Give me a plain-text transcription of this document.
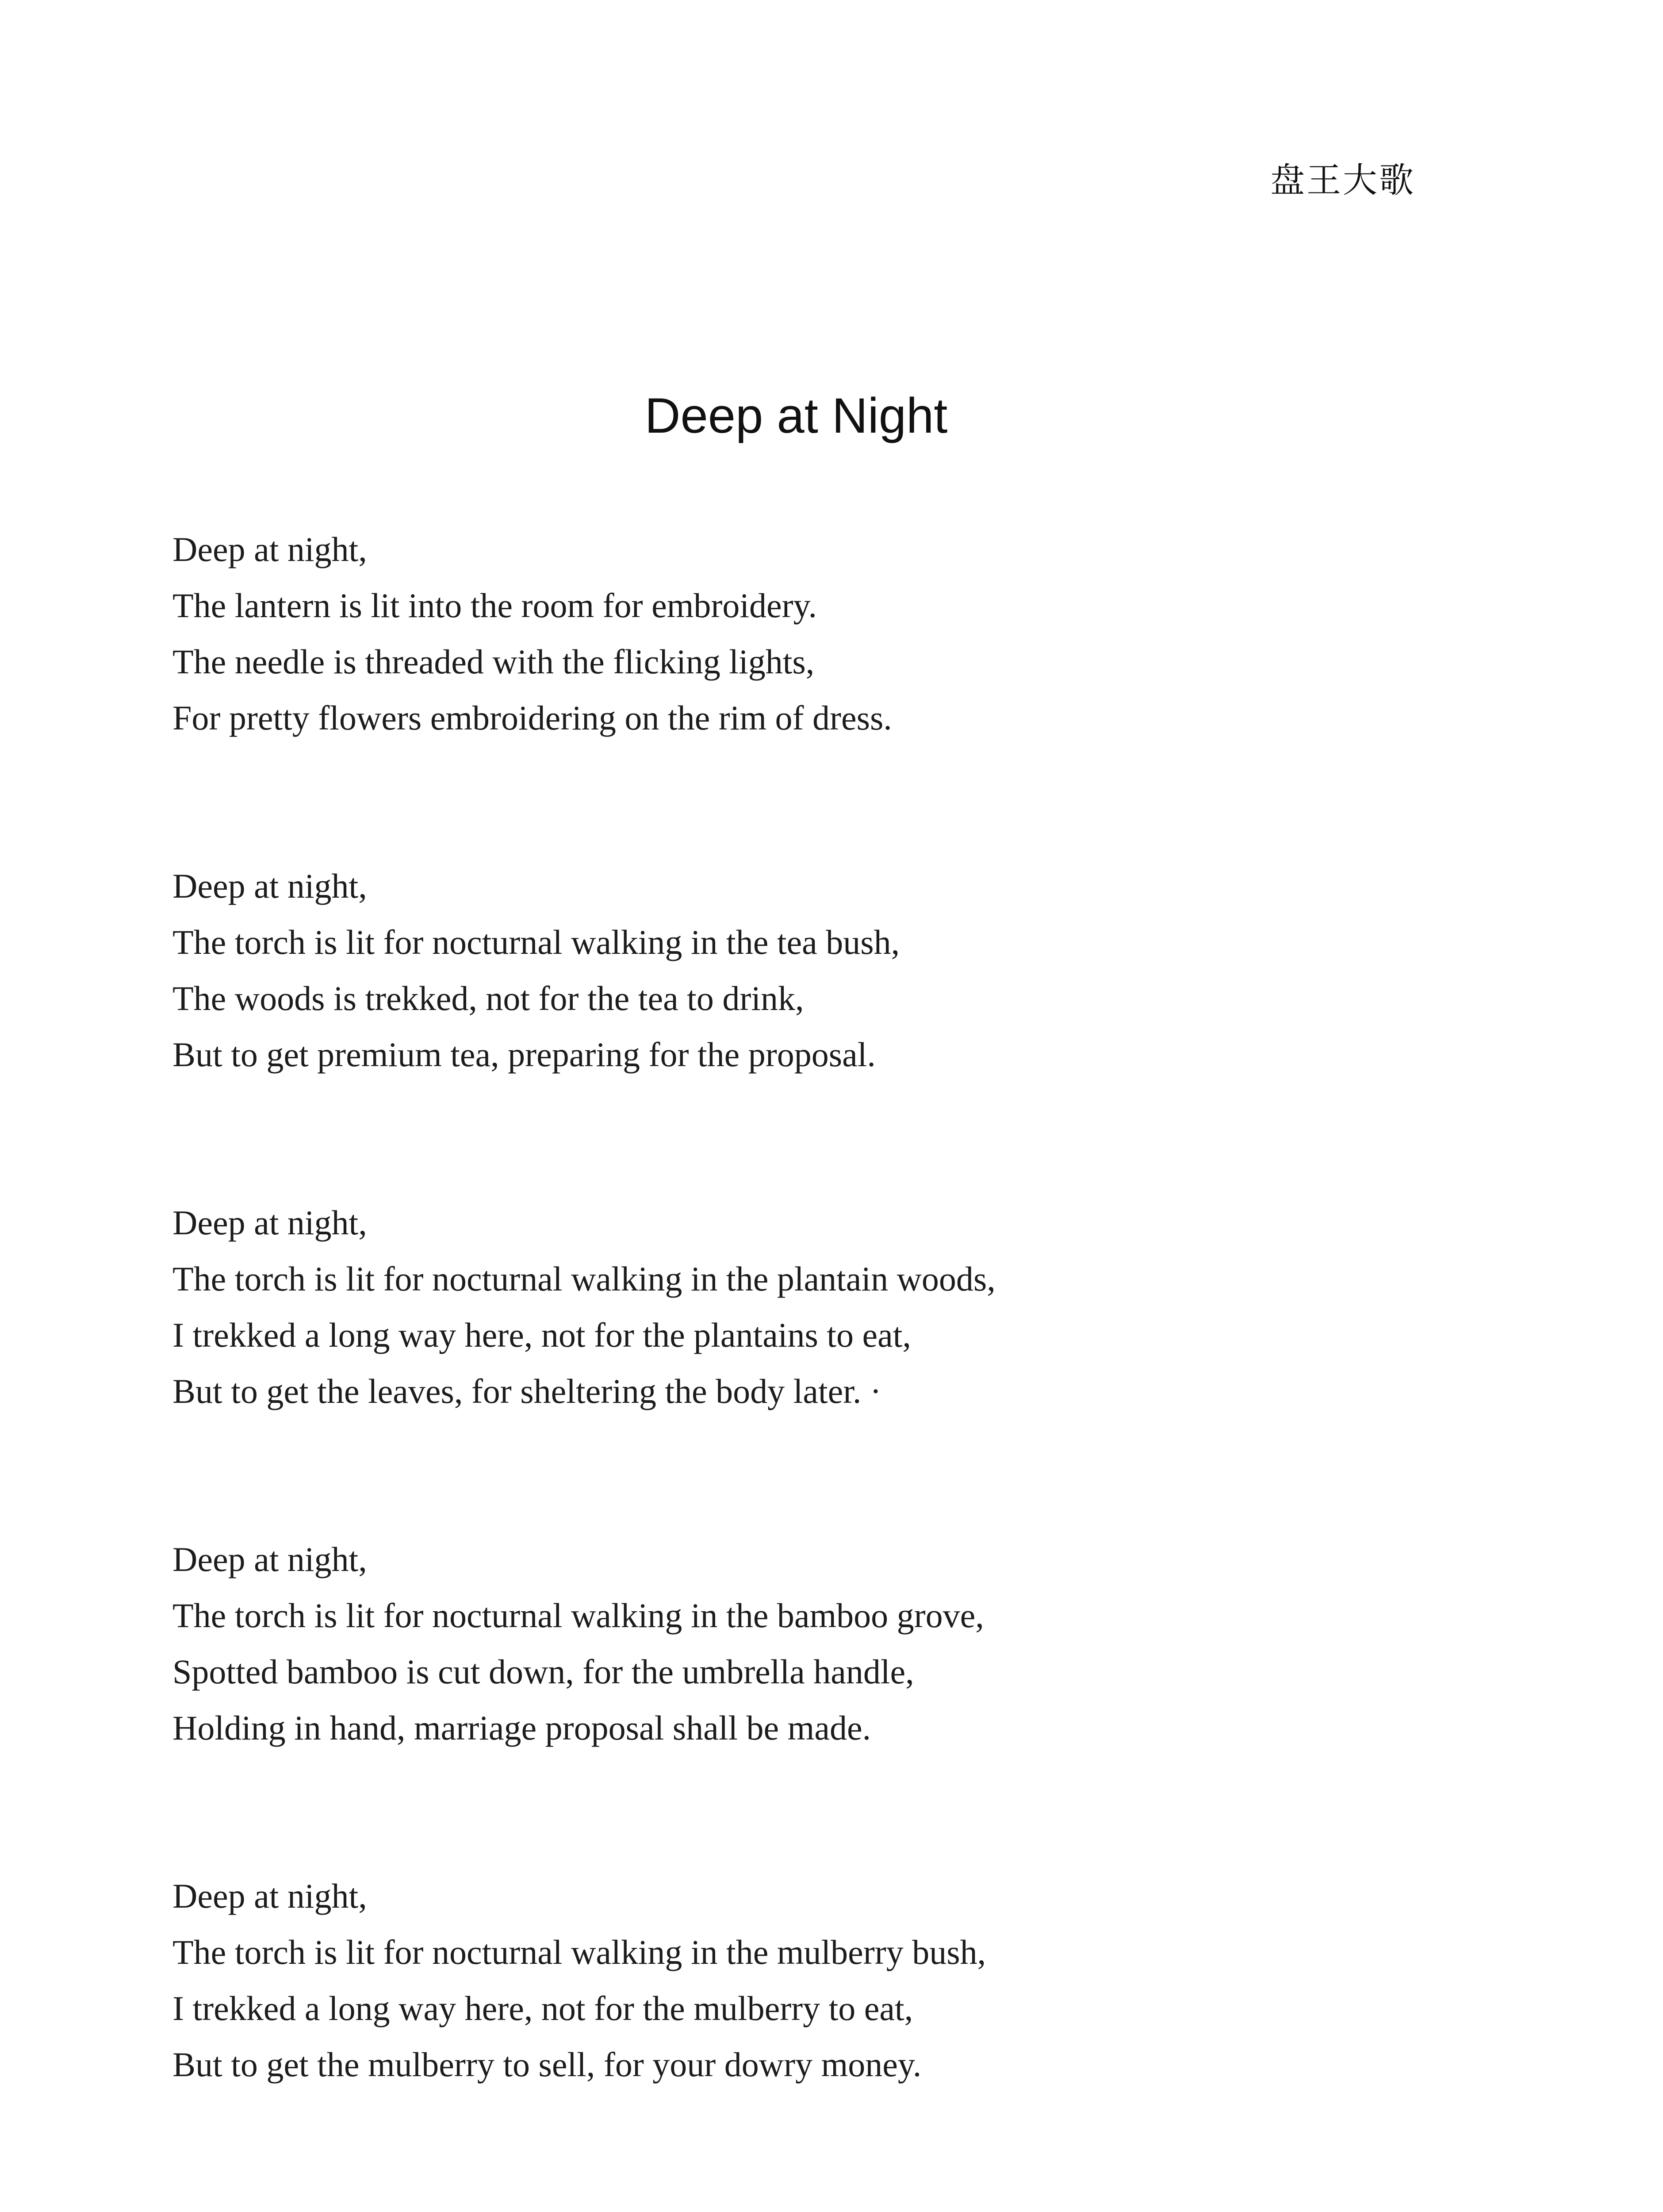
盘王大歌
Deep at Night
Deep at night,
The lantern is lit into the room for embroidery.
The needle is threaded with the flicking lights,
For pretty flowers embroidering on the rim of dress.
Deep at night,
The torch is lit for nocturnal walking in the tea bush,
The woods is trekked, not for the tea to drink,
But to get premium tea, preparing for the proposal.
Deep at night,
The torch is lit for nocturnal walking in the plantain woods,
I trekked a long way here, not for the plantains to eat,
But to get the leaves, for sheltering the body later. ·
Deep at night,
The torch is lit for nocturnal walking in the bamboo grove,
Spotted bamboo is cut down, for the umbrella handle,
Holding in hand, marriage proposal shall be made.
Deep at night,
The torch is lit for nocturnal walking in the mulberry bush,
I trekked a long way here, not for the mulberry to eat,
But to get the mulberry to sell, for your dowry money.
